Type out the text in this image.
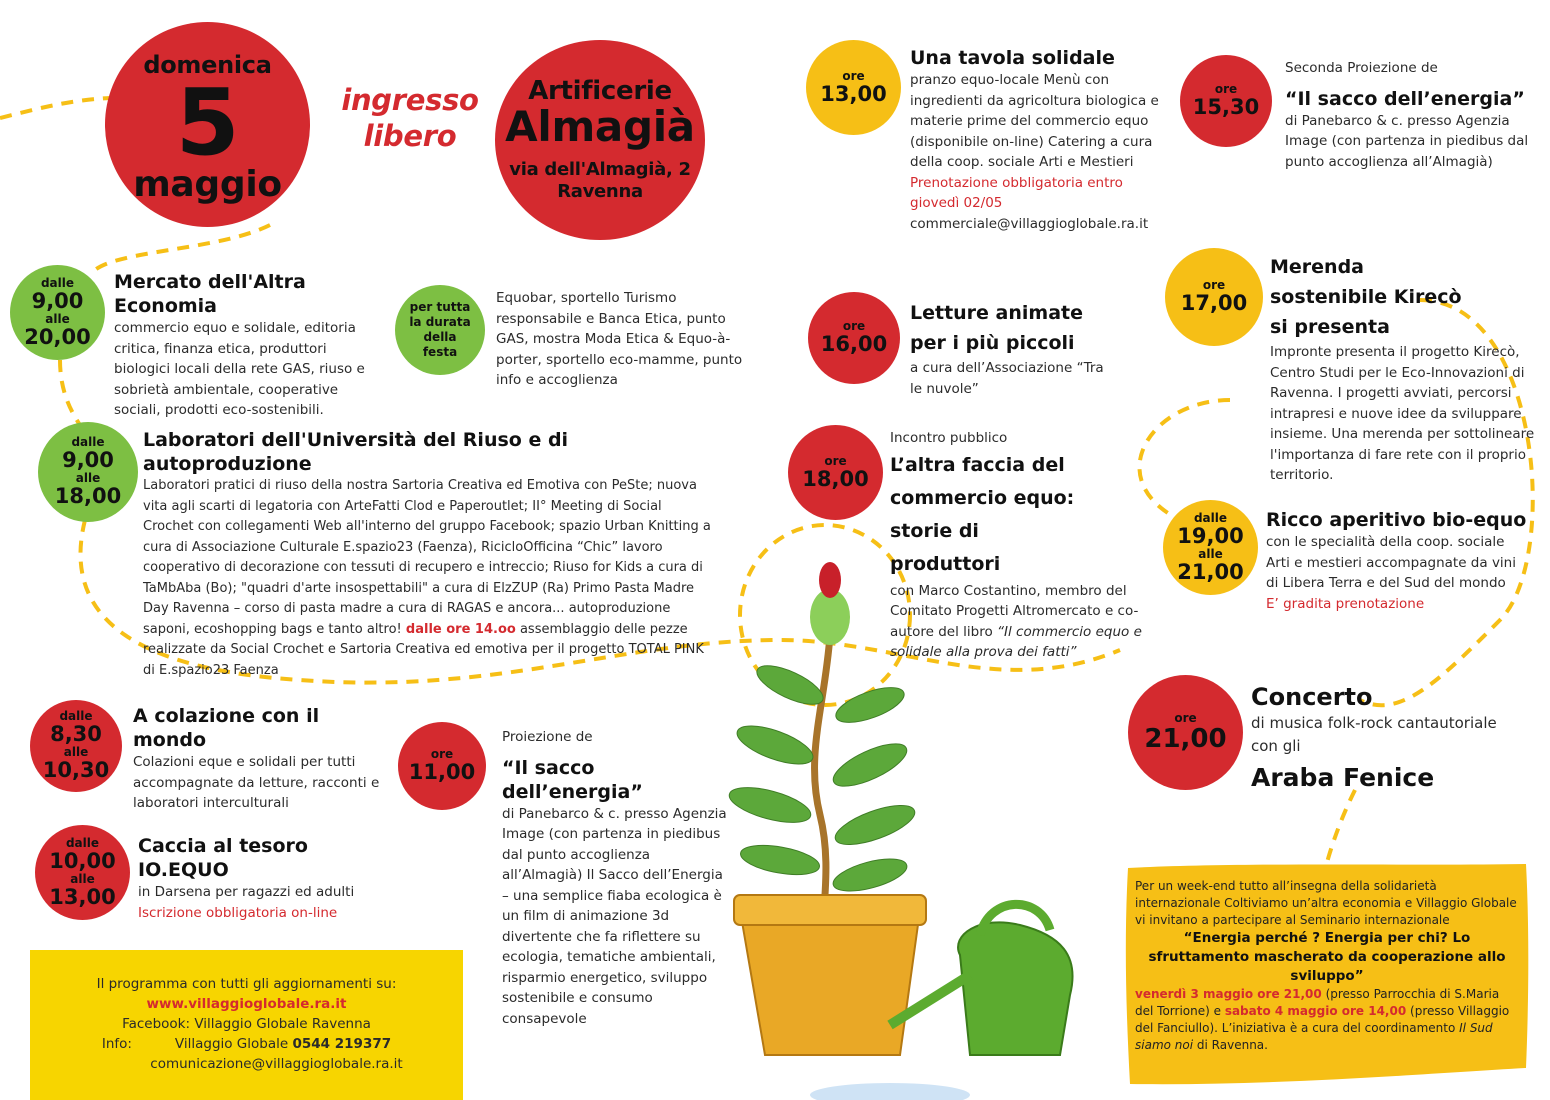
domenica
5
maggio
ingresso libero
Artificerie
Almagià
via dell'Almagià, 2
Ravenna
dalle
9,00
alle
20,00
Mercato dell'Altra Economia
commercio equo e solidale, editoria critica, finanza etica, produttori biologici locali della rete GAS, riuso e sobrietà ambientale, cooperative sociali, prodotti eco-sostenibili.
per tutta la durata della festa
Equobar, sportello Turismo responsabile e Banca Etica, punto GAS, mostra Moda Etica & Equo-à-porter, sportello eco-mamme, punto info e accoglienza
dalle
9,00
alle
18,00
Laboratori dell'Università del Riuso e di autoproduzione
Laboratori pratici di riuso della nostra Sartoria Creativa ed Emotiva con PeSte; nuova vita agli scarti di legatoria con ArteFatti Clod e Paperoutlet; II° Meeting di Social Crochet con collegamenti Web all'interno del gruppo Facebook; spazio Urban Knitting a cura di Associazione Culturale E.spazio23 (Faenza), RicicloOfficina “Chic” lavoro cooperativo di decorazione con tessuti di recupero e intreccio; Riuso for Kids a cura di TaMbAba (Bo); "quadri d'arte insospettabili" a cura di ElzZUP (Ra) Primo Pasta Madre Day Ravenna – corso di pasta madre a cura di RAGAS e ancora... autoproduzione saponi, ecoshopping bags e tanto altro! dalle ore 14.oo assemblaggio delle pezze realizzate da Social Crochet e Sartoria Creativa ed emotiva per il progetto TOTAL PINK di E.spazio23 Faenza
dalle
8,30
alle
10,30
A colazione con il mondo
Colazioni eque e solidali per tutti accompagnate da letture, racconti e laboratori interculturali
dalle
10,00
alle
13,00
Caccia al tesoro IO.EQUO
in Darsena per ragazzi ed adulti
Iscrizione obbligatoria on-line
Il programma con tutti gli aggiornamenti su:
www.villaggioglobale.ra.it
Facebook: Villaggio Globale Ravenna
Info:	Villaggio Globale 0544 219377
comunicazione@villaggioglobale.ra.it
ore
11,00
Proiezione de
“Il sacco dell’energia”
di Panebarco & c. presso Agenzia Image (con partenza in piedibus dal punto accoglienza all’Almagià) Il Sacco dell’Energia – una semplice fiaba ecologica è un film di animazione 3d divertente che fa riflettere su ecologia, tematiche ambientali, risparmio energetico, sviluppo sostenibile e consumo consapevole
ore
13,00
Una tavola solidale
pranzo equo-locale Menù con ingredienti da agricoltura biologica e materie prime del commercio equo (disponibile on-line) Catering a cura della coop. sociale Arti e Mestieri
Prenotazione obbligatoria entro giovedì 02/05
commerciale@villaggioglobale.ra.it
ore
16,00
Letture animate per i più piccoli
a cura dell’Associazione “Tra le nuvole”
ore
18,00
Incontro pubblico
L’altra faccia del commercio equo: storie di produttori
con Marco Costantino, membro del Comitato Progetti Altromercato e co-autore del libro “Il commercio equo e solidale alla prova dei fatti”
ore
15,30
Seconda Proiezione de
“Il sacco dell’energia”
di Panebarco & c. presso Agenzia Image (con partenza in piedibus dal punto accoglienza all’Almagià)
ore
17,00
Merenda sostenibile Kirecò si presenta
Impronte presenta il progetto Kirecò, Centro Studi per le Eco-Innovazioni di Ravenna. I progetti avviati, percorsi intrapresi e nuove idee da sviluppare insieme. Una merenda per sottolineare l'importanza di fare rete con il proprio territorio.
dalle
19,00
alle
21,00
Ricco aperitivo bio-equo
con le specialità della coop. sociale Arti e mestieri accompagnate da vini di Libera Terra e del Sud del mondo
E’ gradita prenotazione
ore
21,00
Concerto
di musica folk-rock cantautoriale con gli
Araba Fenice
Per un week-end tutto all’insegna della solidarietà internazionale Coltiviamo un’altra economia e Villaggio Globale vi invitano a partecipare al Seminario internazionale
“Energia perché ? Energia per chi? Lo sfruttamento mascherato da cooperazione allo sviluppo”
venerdì 3 maggio ore 21,00 (presso Parrocchia di S.Maria del Torrione) e sabato 4 maggio ore 14,00 (presso Villaggio del Fanciullo). L’iniziativa è a cura del coordinamento Il Sud siamo noi di Ravenna.
